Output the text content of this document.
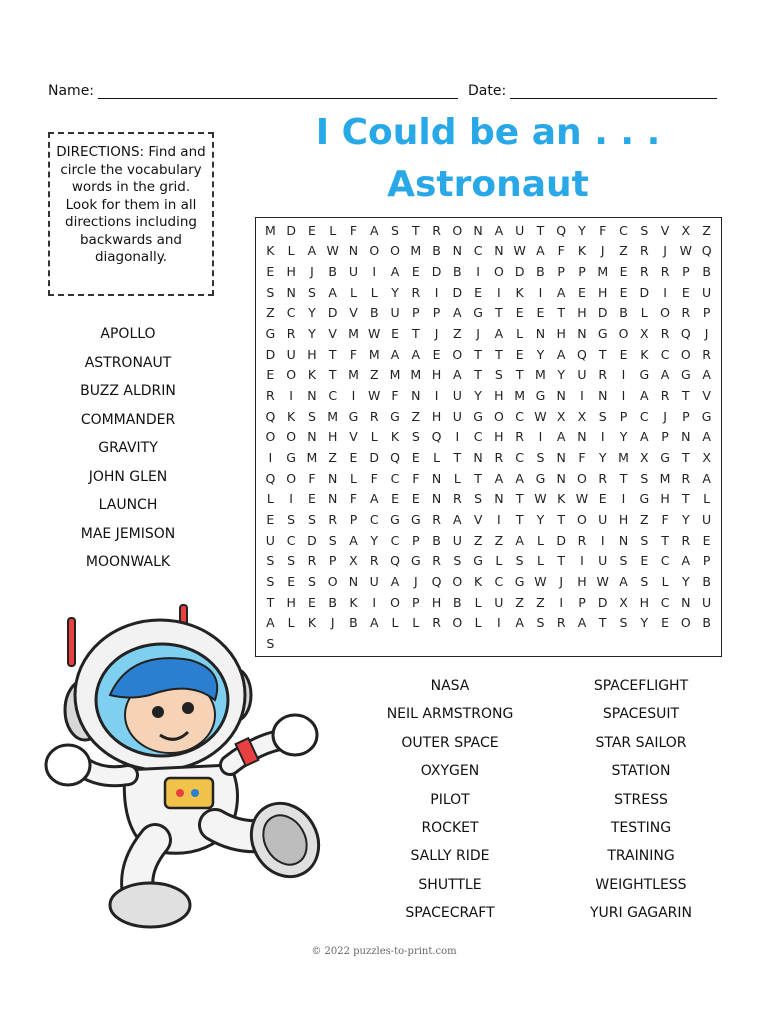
Name:	Date:
I Could be an . . .
Astronaut
DIRECTIONS: Find and circle the vocabulary words in the grid. Look for them in all directions including backwards and diagonally.
APOLLO
ASTRONAUT
BUZZ ALDRIN
COMMANDER
GRAVITY
JOHN GLEN
LAUNCH
MAE JEMISON
MOONWALK
M D E	L	F	A	S	T	R O N A U T Q Y	F	C S	V X Z
K	L	A W N O O M B N C N W A	F	K	J	Z R	J	W Q
E H	J	B U	I	A	E D B	I	O D B	P	P M E R R	P	B
S N S	A	L	L	Y	R	I	D E	I	K	I	A	E H E D	I	E U
Z C	Y D V B U P	P	A G T	E	E	T H D B	L O R	P
G R	Y	V M W E	T	J	Z	J	A	L	N H N G O X R Q	J
D U H T	F M A A	E O T	T	E	Y	A Q T	E	K C O R
E O K	T M Z M M H A	T	S	T M Y U R	I	G A G A
R	I	N C	I	W F	N	I	U Y H M G N	I	N	I	A R	T	V
Q K	S M G R G Z H U G O C W X X	S	P	C	J	P G
O O N H V	L	K	S Q	I	C H R	I	A N	I	Y	A	P N A
I	G M Z	E D Q E	L	T N R C S N F	Y M X G T	X
Q O F	N	L	F	C	F N	L	T	A A G N O R	T	S M R A
L	I	E N F	A	E	E N R S N T W K W E	I	G H T	L
E	S	S R	P	C G G R A V	I	T	Y	T O U H Z	F	Y U
U C D S	A	Y	C	P	B U Z Z A	L D R	I	N S	T	R E
S	S R	P	X R Q G R S G L	S	L	T	I	U S	E C A	P
S	E	S O N U A	J	Q O K C G W	J	H W A	S	L	Y	B
T H E	B K	I	O P H B	L	U Z Z	I	P D X H C N U
A	L	K	J	B A	L	L	R O L	I	A	S R A	T	S	Y	E O B
S
NASA
NEIL ARMSTRONG
OUTER SPACE
OXYGEN
PILOT
ROCKET
SALLY RIDE
SHUTTLE
SPACECRAFT
SPACEFLIGHT
SPACESUIT
STAR SAILOR
STATION
STRESS
TESTING
TRAINING
WEIGHTLESS
YURI GAGARIN
© 2022 puzzles-to-print.com
